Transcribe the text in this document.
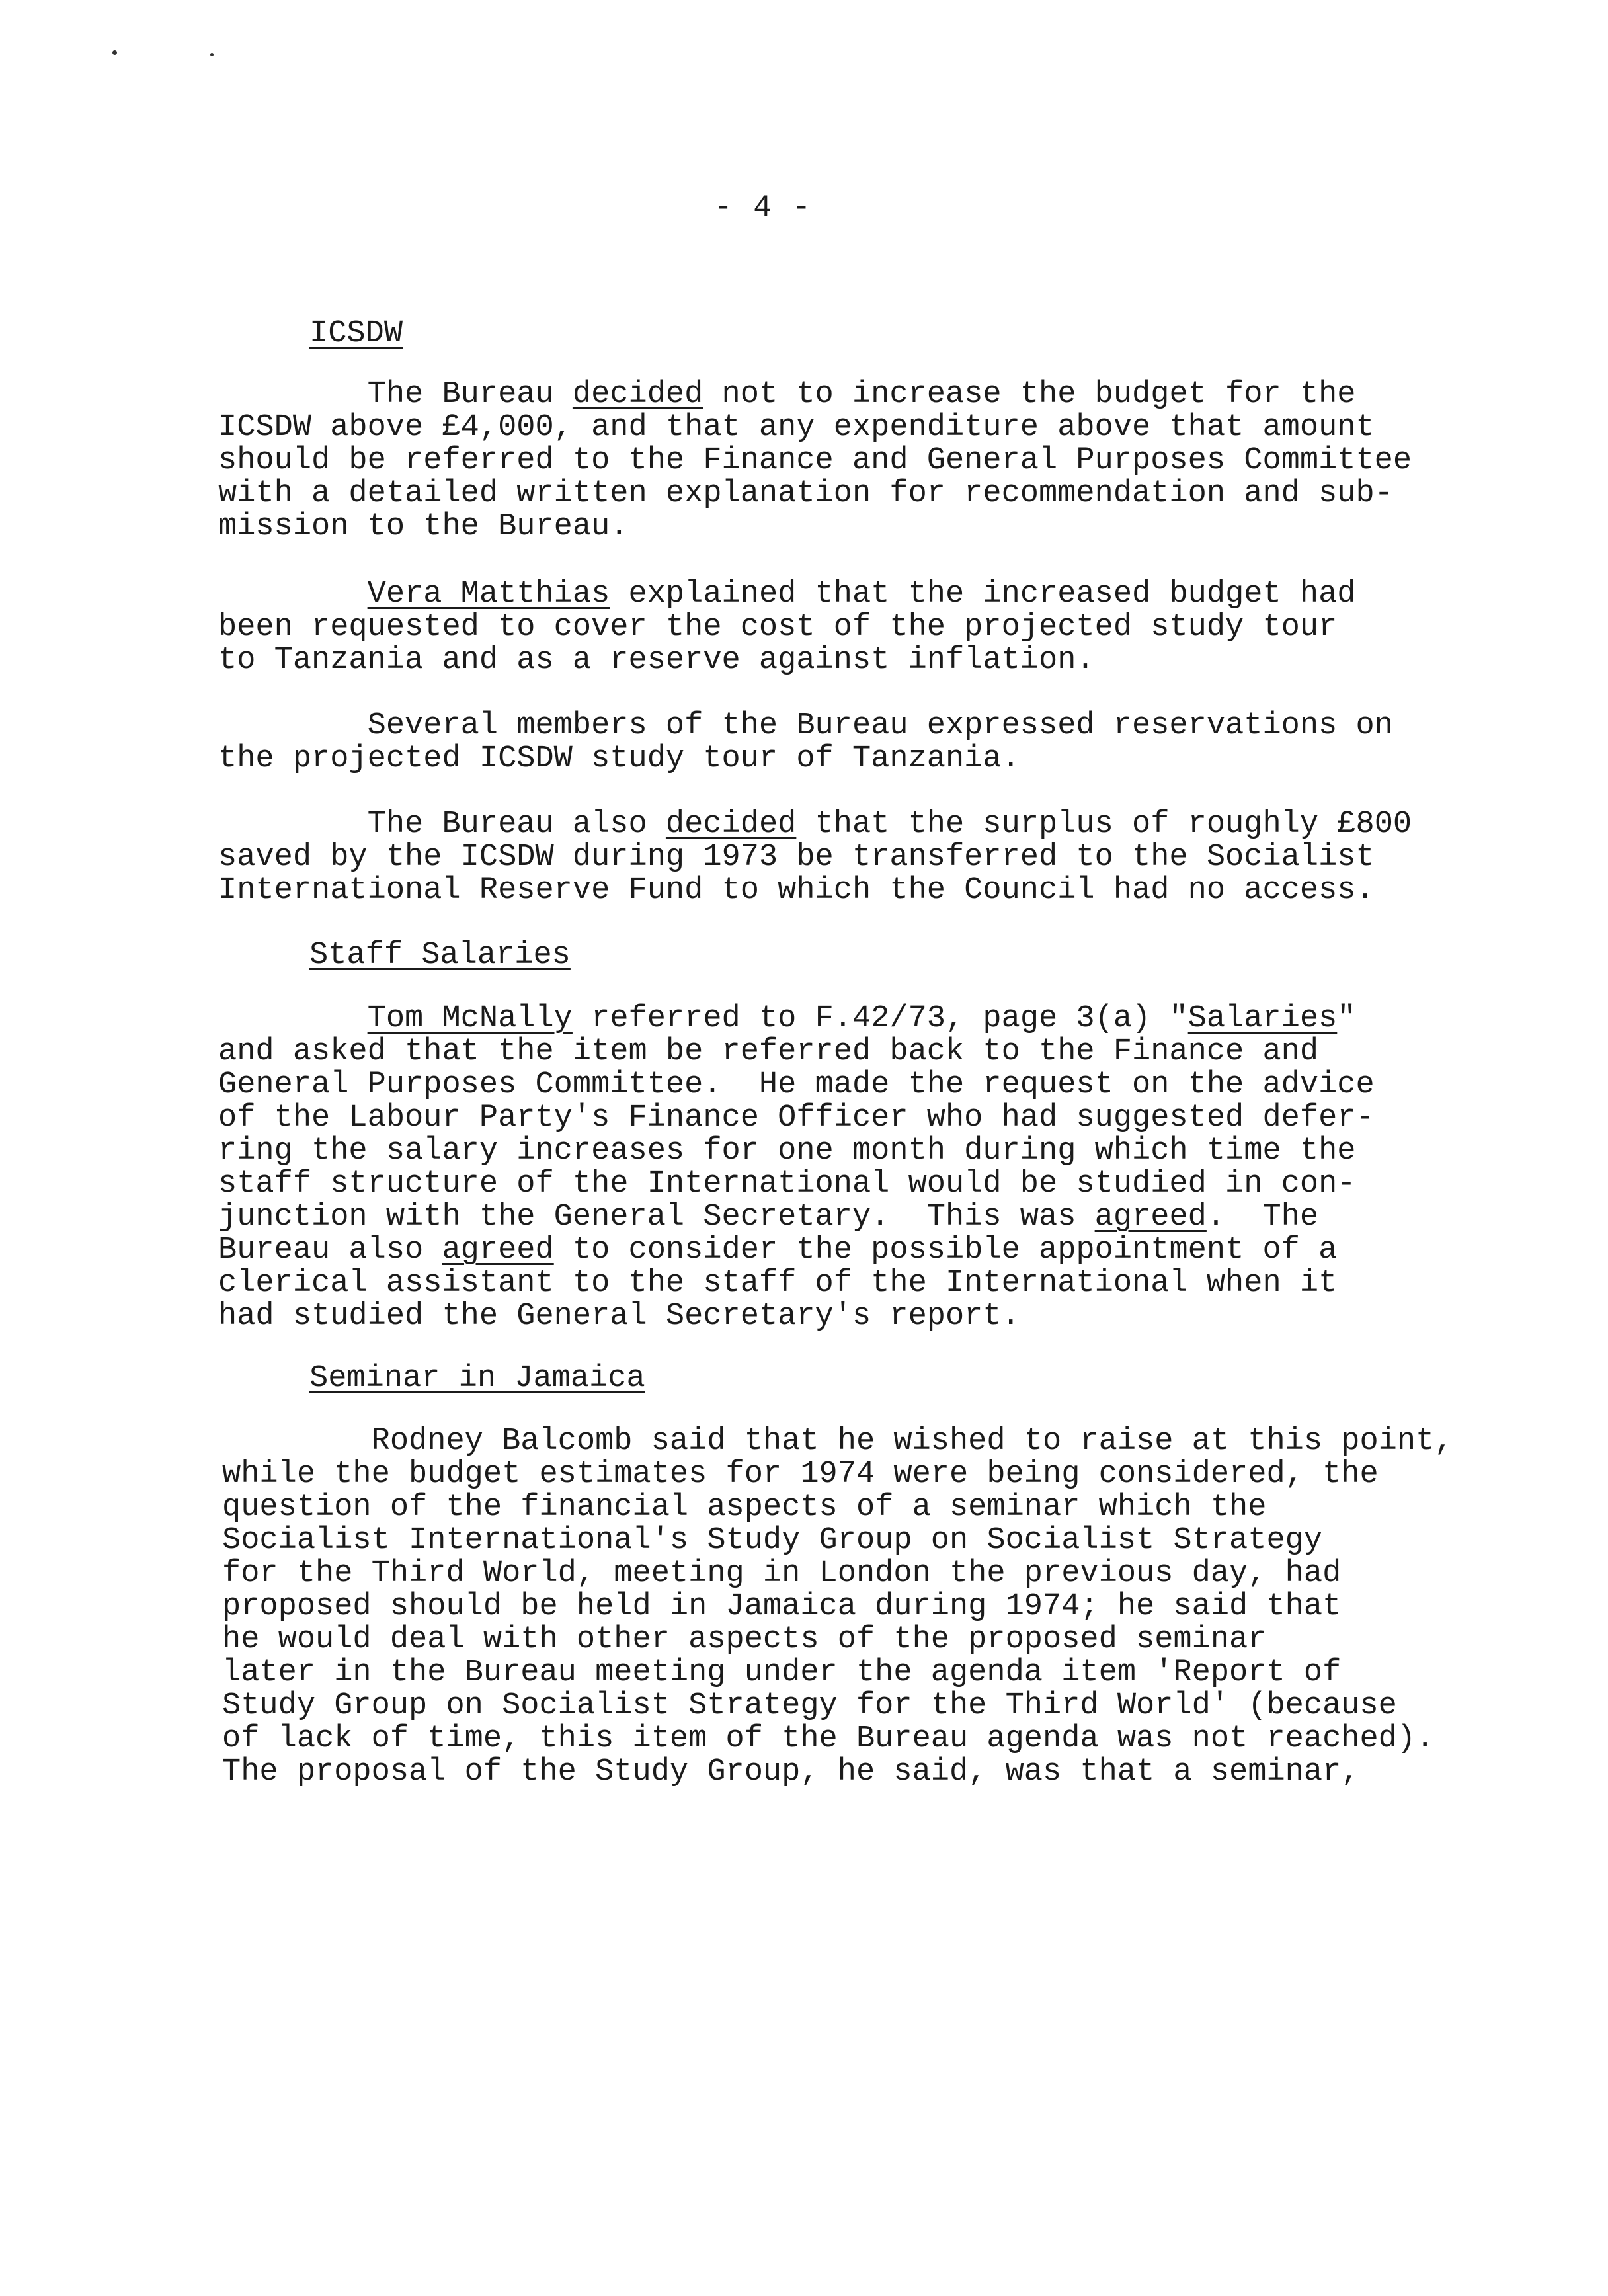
- 4 -
ICSDW
The Bureau decided not to increase the budget for the
ICSDW above £4,000, and that any expenditure above that amount
should be referred to the Finance and General Purposes Committee
with a detailed written explanation for recommendation and sub-
mission to the Bureau.
Vera Matthias explained that the increased budget had
been requested to cover the cost of the projected study tour
to Tanzania and as a reserve against inflation.
Several members of the Bureau expressed reservations on
the projected ICSDW study tour of Tanzania.
The Bureau also decided that the surplus of roughly £800
saved by the ICSDW during 1973 be transferred to the Socialist
International Reserve Fund to which the Council had no access.
Staff Salaries
Tom McNally referred to F.42/73, page 3(a) "Salaries"
and asked that the item be referred back to the Finance and
General Purposes Committee.  He made the request on the advice
of the Labour Party's Finance Officer who had suggested defer-
ring the salary increases for one month during which time the
staff structure of the International would be studied in con-
junction with the General Secretary.  This was agreed.  The
Bureau also agreed to consider the possible appointment of a
clerical assistant to the staff of the International when it
had studied the General Secretary's report.
Seminar in Jamaica
Rodney Balcomb said that he wished to raise at this point,
while the budget estimates for 1974 were being considered, the
question of the financial aspects of a seminar which the
Socialist International's Study Group on Socialist Strategy
for the Third World, meeting in London the previous day, had
proposed should be held in Jamaica during 1974; he said that
he would deal with other aspects of the proposed seminar
later in the Bureau meeting under the agenda item 'Report of
Study Group on Socialist Strategy for the Third World' (because
of lack of time, this item of the Bureau agenda was not reached).
The proposal of the Study Group, he said, was that a seminar,
